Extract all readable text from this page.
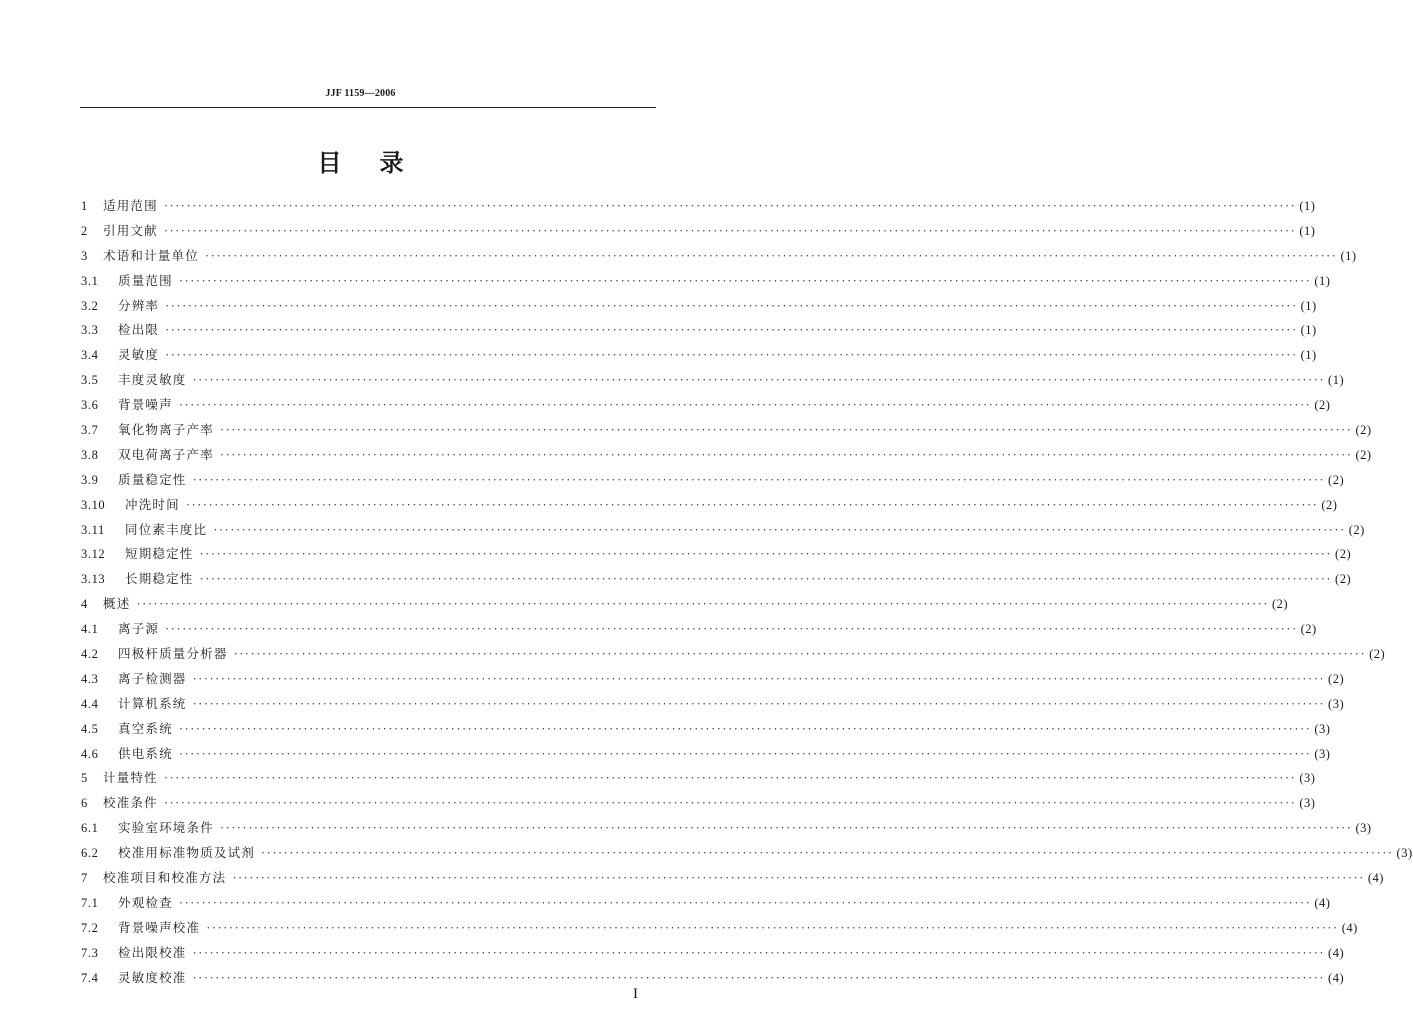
JJF 1159—2006
目 录
1	适用范围 ········································································································································································································ (1)
2	引用文献 ········································································································································································································ (1)
3	术语和计量单位 ········································································································································································································ (1)
3.1	质量范围 ········································································································································································································ (1)
3.2	分辨率 ········································································································································································································ (1)
3.3	检出限 ········································································································································································································ (1)
3.4	灵敏度 ········································································································································································································ (1)
3.5	丰度灵敏度 ········································································································································································································ (1)
3.6	背景噪声 ········································································································································································································ (2)
3.7	氧化物离子产率 ········································································································································································································ (2)
3.8	双电荷离子产率 ········································································································································································································ (2)
3.9	质量稳定性 ········································································································································································································ (2)
3.10	冲洗时间 ········································································································································································································ (2)
3.11	同位素丰度比 ········································································································································································································ (2)
3.12	短期稳定性 ········································································································································································································ (2)
3.13	长期稳定性 ········································································································································································································ (2)
4	概述 ········································································································································································································ (2)
4.1	离子源 ········································································································································································································ (2)
4.2	四极杆质量分析器 ········································································································································································································ (2)
4.3	离子检测器 ········································································································································································································ (2)
4.4	计算机系统 ········································································································································································································ (3)
4.5	真空系统 ········································································································································································································ (3)
4.6	供电系统 ········································································································································································································ (3)
5	计量特性 ········································································································································································································ (3)
6	校准条件 ········································································································································································································ (3)
6.1	实验室环境条件 ········································································································································································································ (3)
6.2	校准用标准物质及试剂 ········································································································································································································ (3)
7	校准项目和校准方法 ········································································································································································································ (4)
7.1	外观检查 ········································································································································································································ (4)
7.2	背景噪声校准 ········································································································································································································ (4)
7.3	检出限校准 ········································································································································································································ (4)
7.4	灵敏度校准 ········································································································································································································ (4)
I
